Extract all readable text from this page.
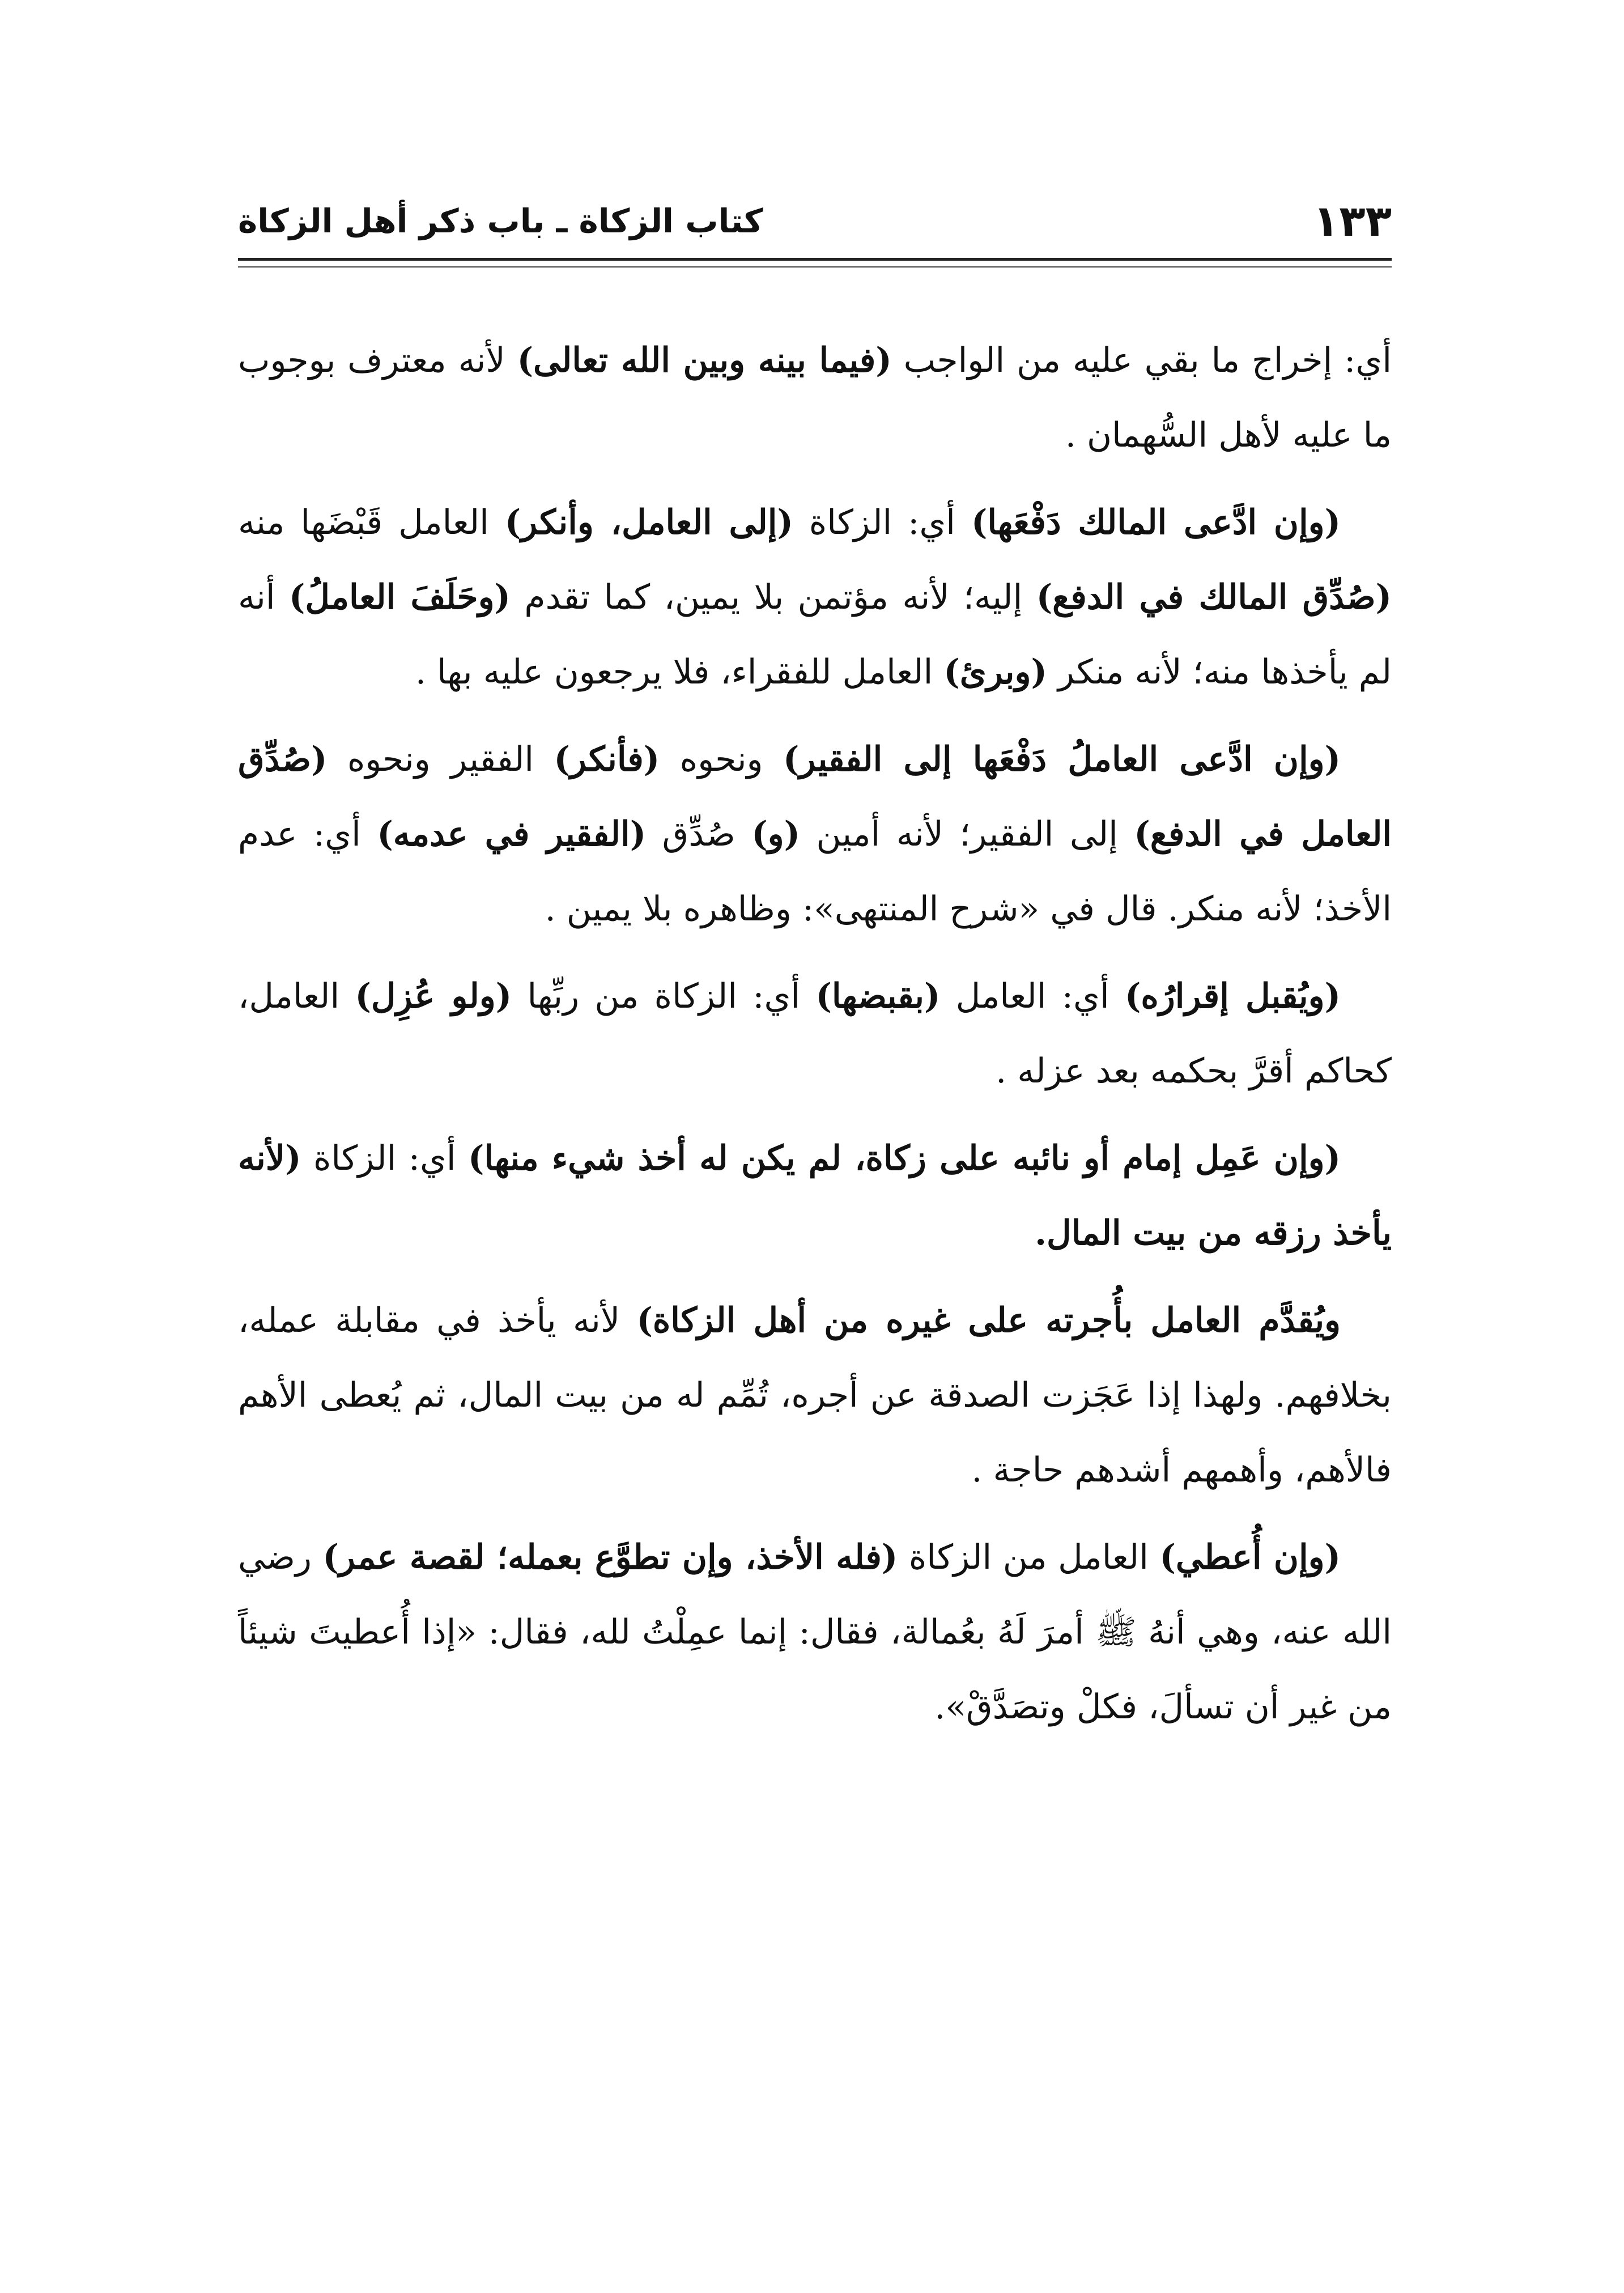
١٣٣
كتاب الزكاة ـ باب ذكر أهل الزكاة

أي: إخراج ما بقي عليه من الواجب (فيما بينه وبين الله تعالى) لأنه معترف بوجوب ما عليه لأهل السُّهمان .

(وإن ادَّعى المالك دَفْعَها) أي: الزكاة (إلى العامل، وأنكر) العامل قَبْضَها منه (صُدِّق المالك في الدفع) إليه؛ لأنه مؤتمن بلا يمين، كما تقدم (وحَلَفَ العاملُ) أنه لم يأخذها منه؛ لأنه منكر (وبرئ) العامل للفقراء، فلا يرجعون عليه بها .

(وإن ادَّعى العاملُ دَفْعَها إلى الفقير) ونحوه (فأنكر) الفقير ونحوه (صُدِّق العامل في الدفع) إلى الفقير؛ لأنه أمين (و) صُدِّق (الفقير في عدمه) أي: عدم الأخذ؛ لأنه منكر. قال في «شرح المنتهى»: وظاهره بلا يمين .

(ويُقبل إقرارُه) أي: العامل (بقبضها) أي: الزكاة من ربِّها (ولو عُزِل) العامل، كحاكم أقرَّ بحكمه بعد عزله .

(وإن عَمِل إمام أو نائبه على زكاة، لم يكن له أخذ شيء منها) أي: الزكاة (لأنه يأخذ رزقه من بيت المال.

ويُقدَّم العامل بأُجرته على غيره من أهل الزكاة) لأنه يأخذ في مقابلة عمله، بخلافهم. ولهذا إذا عَجَزت الصدقة عن أجره، تُمِّم له من بيت المال، ثم يُعطى الأهم فالأهم، وأهمهم أشدهم حاجة .

(وإن أُعطي) العامل من الزكاة (فله الأخذ، وإن تطوَّع بعمله؛ لقصة عمر) رضي الله عنه، وهي أنهُ ﷺ أمرَ لَهُ بعُمالة، فقال: إنما عمِلْتُ لله، فقال: «إذا أُعطيتَ شيئاً من غير أن تسألَ، فكلْ وتصَدَّقْ».
